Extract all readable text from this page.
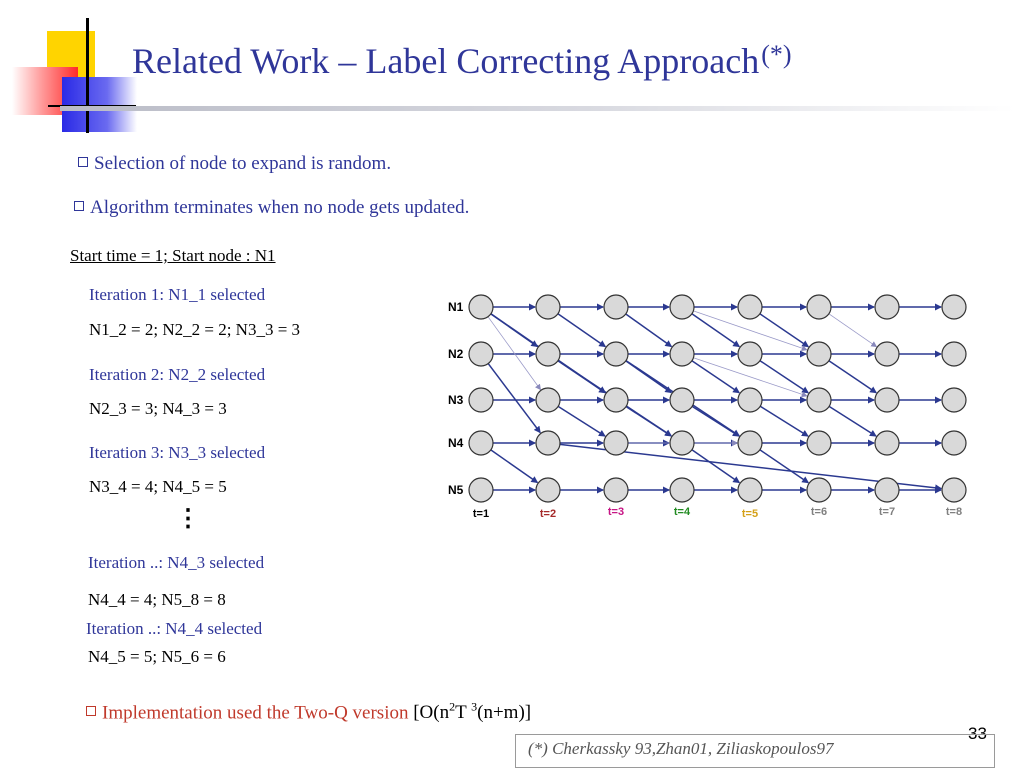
Related Work – Label Correcting Approach(*)
Selection of node to expand is random.
Algorithm terminates when no node gets updated.
Start time = 1; Start node : N1
Iteration 1: N1_1 selected
N1_2 = 2; N2_2 = 2; N3_3 = 3
Iteration 2: N2_2 selected
N2_3 = 3; N4_3 = 3
Iteration 3: N3_3 selected
N3_4 = 4; N4_5 = 5
⋮
Iteration ..: N4_3 selected
N4_4 = 4; N5_8 = 8
Iteration ..: N4_4 selected
N4_5 = 5; N5_6 = 6
N1
N2
N3
N4
N5
t=1	t=2	t=3	t=4	t=5	t=6	t=7	t=8
Implementation used the Two-Q version [$O(n^2T$ $^3$(n+m)]
33
(*) Cherkassky 93,Zhan01, Ziliaskopoulos97
